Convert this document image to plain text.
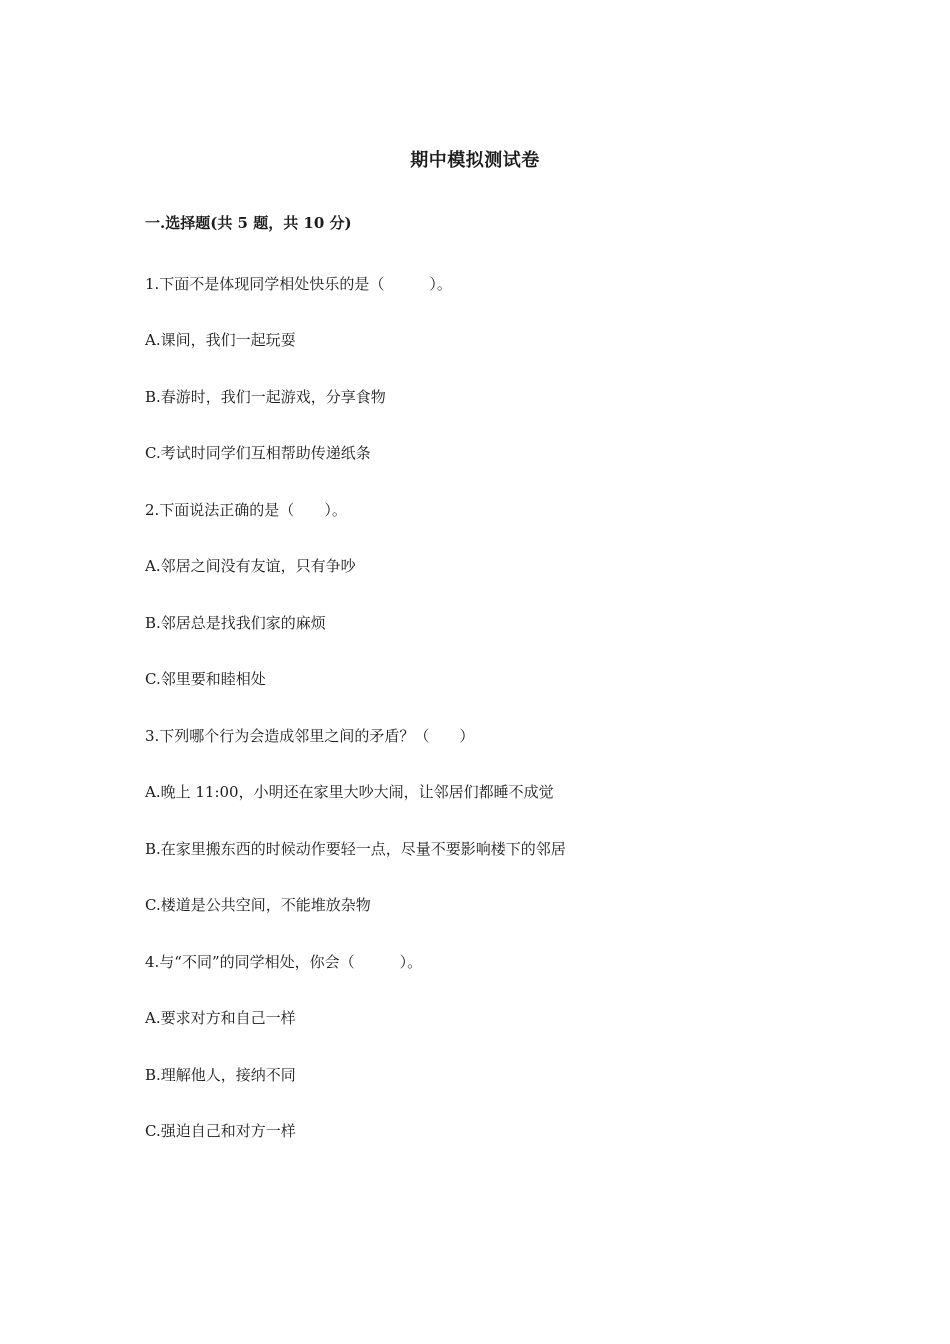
期中模拟测试卷
一.选择题(共 5 题，共 10 分)
1.下面不是体现同学相处快乐的是（　　　）。
A.课间，我们一起玩耍
B.春游时，我们一起游戏，分享食物
C.考试时同学们互相帮助传递纸条
2.下面说法正确的是（　　）。
A.邻居之间没有友谊，只有争吵
B.邻居总是找我们家的麻烦
C.邻里要和睦相处
3.下列哪个行为会造成邻里之间的矛盾？（　　）
A.晚上 11:00，小明还在家里大吵大闹，让邻居们都睡不成觉
B.在家里搬东西的时候动作要轻一点，尽量不要影响楼下的邻居
C.楼道是公共空间，不能堆放杂物
4.与“不同”的同学相处，你会（　　　）。
A.要求对方和自己一样
B.理解他人，接纳不同
C.强迫自己和对方一样
